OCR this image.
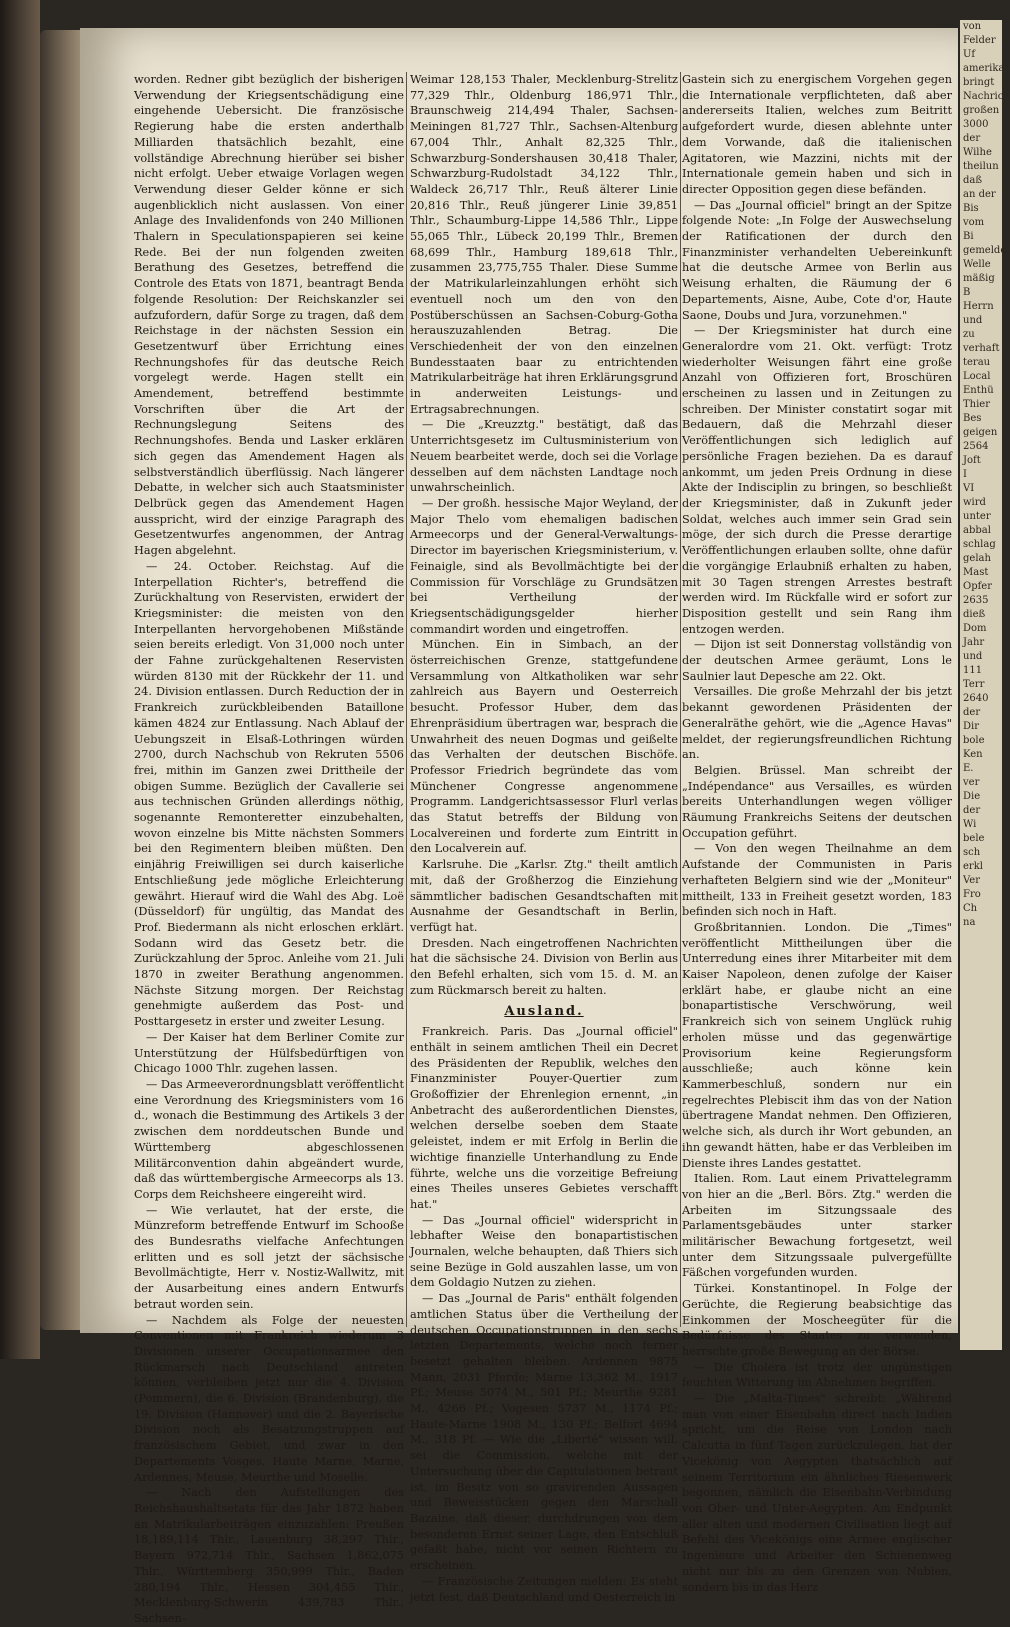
worden. Redner gibt bezüglich der bisherigen Verwendung der Kriegsentschädigung eine eingehende Uebersicht. Die französische Regierung habe die ersten anderthalb Milliarden thatsächlich bezahlt, eine vollständige Abrechnung hierüber sei bisher nicht erfolgt. Ueber etwaige Vorlagen wegen Verwendung dieser Gelder könne er sich augenblicklich nicht auslassen. Von einer Anlage des Invalidenfonds von 240 Millionen Thalern in Speculationspapieren sei keine Rede. Bei der nun folgenden zweiten Berathung des Gesetzes, betreffend die Controle des Etats von 1871, beantragt Benda folgende Resolution: Der Reichskanzler sei aufzufordern, dafür Sorge zu tragen, daß dem Reichstage in der nächsten Session ein Gesetzentwurf über Errichtung eines Rechnungshofes für das deutsche Reich vorgelegt werde. Hagen stellt ein Amendement, betreffend bestimmte Vorschriften über die Art der Rechnungslegung Seitens des Rechnungshofes. Benda und Lasker erklären sich gegen das Amendement Hagen als selbstverständlich überflüssig. Nach längerer Debatte, in welcher sich auch Staatsminister Delbrück gegen das Amendement Hagen ausspricht, wird der einzige Paragraph des Gesetzentwurfes angenommen, der Antrag Hagen abgelehnt.

— 24. October. Reichstag. Auf die Interpellation Richter's, betreffend die Zurückhaltung von Reservisten, erwidert der Kriegsminister: die meisten von den Interpellanten hervorgehobenen Mißstände seien bereits erledigt. Von 31,000 noch unter der Fahne zurückgehaltenen Reservisten würden 8130 mit der Rückkehr der 11. und 24. Division entlassen. Durch Reduction der in Frankreich zurückbleibenden Bataillone kämen 4824 zur Entlassung. Nach Ablauf der Uebungszeit in Elsaß-Lothringen würden 2700, durch Nachschub von Rekruten 5506 frei, mithin im Ganzen zwei Drittheile der obigen Summe. Bezüglich der Cavallerie sei aus technischen Gründen allerdings nöthig, sogenannte Remonteretter einzubehalten, wovon einzelne bis Mitte nächsten Sommers bei den Regimentern bleiben müßten. Den einjährig Freiwilligen sei durch kaiserliche Entschließung jede mögliche Erleichterung gewährt. Hierauf wird die Wahl des Abg. Loë (Düsseldorf) für ungültig, das Mandat des Prof. Biedermann als nicht erloschen erklärt. Sodann wird das Gesetz betr. die Zurückzahlung der 5proc. Anleihe vom 21. Juli 1870 in zweiter Berathung angenommen. Nächste Sitzung morgen. Der Reichstag genehmigte außerdem das Post- und Posttargesetz in erster und zweiter Lesung.

— Der Kaiser hat dem Berliner Comite zur Unterstützung der Hülfsbedürftigen von Chicago 1000 Thlr. zugehen lassen.

— Das Armeeverordnungsblatt veröffentlicht eine Verordnung des Kriegsministers vom 16 d., wonach die Bestimmung des Artikels 3 der zwischen dem norddeutschen Bunde und Württemberg abgeschlossenen Militärconvention dahin abgeändert wurde, daß das württembergische Armeecorps als 13. Corps dem Reichsheere eingereiht wird.

— Wie verlautet, hat der erste, die Münzreform betreffende Entwurf im Schooße des Bundesraths vielfache Anfechtungen erlitten und es soll jetzt der sächsische Bevollmächtigte, Herr v. Nostiz-Wallwitz, mit der Ausarbeitung eines andern Entwurfs betraut worden sein.

— Nachdem als Folge der neuesten Conventionen mit Frankreich wiederum 3 Divisionen unserer Occupationsarmee den Rückmarsch nach Deutschland antreten können, verbleiben jetzt nur die 4. Division (Pommern), die 6. Division (Brandenburg), die 19. Division (Hannover) und die 2. Bayerische Division noch als Besatzungstruppen auf französischem Gebiet, und zwar in den Departements Vosges, Haute Marne, Marne, Ardennes, Meuse, Meurthe und Moselle.

— Nach den Aufstellungen des Reichshaushaltsetats für das Jahr 1872 haben an Matrikularbeiträgen einzuzahlen: Preußen 18,189,114 Thlr., Lauenburg 38,297 Thlr., Bayern 972,714 Thlr., Sachsen 1,862,075 Thlr., Württemberg 350,999 Thlr., Baden 280,194 Thlr., Hessen 304,455 Thlr., Mecklenburg-Schwerin 439,783 Thlr., Sachsen-

Weimar 128,153 Thaler, Mecklenburg-Strelitz 77,329 Thlr., Oldenburg 186,971 Thlr., Braunschweig 214,494 Thaler, Sachsen-Meiningen 81,727 Thlr., Sachsen-Altenburg 67,004 Thlr., Anhalt 82,325 Thlr., Schwarzburg-Sondershausen 30,418 Thaler, Schwarzburg-Rudolstadt 34,122 Thlr., Waldeck 26,717 Thlr., Reuß älterer Linie 20,816 Thlr., Reuß jüngerer Linie 39,851 Thlr., Schaumburg-Lippe 14,586 Thlr., Lippe 55,065 Thlr., Lübeck 20,199 Thlr., Bremen 68,699 Thlr., Hamburg 189,618 Thlr., zusammen 23,775,755 Thaler. Diese Summe der Matrikularleinzahlungen erhöht sich eventuell noch um den von den Postüberschüssen an Sachsen-Coburg-Gotha herauszuzahlenden Betrag. Die Verschiedenheit der von den einzelnen Bundesstaaten baar zu entrichtenden Matrikularbeiträge hat ihren Erklärungsgrund in anderweiten Leistungs- und Ertragsabrechnungen.

— Die „Kreuzztg." bestätigt, daß das Unterrichtsgesetz im Cultusministerium von Neuem bearbeitet werde, doch sei die Vorlage desselben auf dem nächsten Landtage noch unwahrscheinlich.

— Der großh. hessische Major Weyland, der Major Thelo vom ehemaligen badischen Armeecorps und der General-Verwaltungs-Director im bayerischen Kriegsministerium, v. Feinaigle, sind als Bevollmächtigte bei der Commission für Vorschläge zu Grundsätzen bei Vertheilung der Kriegsentschädigungsgelder hierher commandirt worden und eingetroffen.

München. Ein in Simbach, an der österreichischen Grenze, stattgefundene Versammlung von Altkatholiken war sehr zahlreich aus Bayern und Oesterreich besucht. Professor Huber, dem das Ehrenpräsidium übertragen war, besprach die Unwahrheit des neuen Dogmas und geißelte das Verhalten der deutschen Bischöfe. Professor Friedrich begründete das vom Münchener Congresse angenommene Programm. Landgerichtsassessor Flurl verlas das Statut betreffs der Bildung von Localvereinen und forderte zum Eintritt in den Localverein auf.

Karlsruhe. Die „Karlsr. Ztg." theilt amtlich mit, daß der Großherzog die Einziehung sämmtlicher badischen Gesandtschaften mit Ausnahme der Gesandtschaft in Berlin, verfügt hat.

Dresden. Nach eingetroffenen Nachrichten hat die sächsische 24. Division von Berlin aus den Befehl erhalten, sich vom 15. d. M. an zum Rückmarsch bereit zu halten.

Ausland.

Frankreich. Paris. Das „Journal officiel" enthält in seinem amtlichen Theil ein Decret des Präsidenten der Republik, welches den Finanzminister Pouyer-Quertier zum Großoffizier der Ehrenlegion ernennt, „in Anbetracht des außerordentlichen Dienstes, welchen derselbe soeben dem Staate geleistet, indem er mit Erfolg in Berlin die wichtige finanzielle Unterhandlung zu Ende führte, welche uns die vorzeitige Befreiung eines Theiles unseres Gebietes verschafft hat."

— Das „Journal officiel" widerspricht in lebhafter Weise den bonapartistischen Journalen, welche behaupten, daß Thiers sich seine Bezüge in Gold auszahlen lasse, um von dem Goldagio Nutzen zu ziehen.

— Das „Journal de Paris" enthält folgenden amtlichen Status über die Vertheilung der deutschen Occupationstruppen in den sechs letzten Departements, welche noch ferner besetzt gehalten bleiben. Ardennen 9875 Mann, 2031 Pferde; Marne 13,362 M., 1917 Pf.; Meuse 5074 M., 501 Pf.; Meurthe 9281 M., 4266 Pf.; Vogesen 5737 M., 1174 Pf.; Haute-Marne 1908 M., 130 Pf.; Belfort 4694 M., 318 Pf. — Wie die „Liberté" wissen will, sei die Commission, welche mit der Untersuchung über die Capitulationen betraut ist, im Besitz von so gravirenden Aussagen und Beweisstücken gegen den Marschall Bazaine, daß dieser, durchdrungen von dem besonderen Ernst seiner Lage, den Entschluß gefaßt habe, nicht vor seinen Richtern zu erscheinen.

— Französische Zeitungen melden: Es steht jetzt fest, daß Deutschland und Oesterreich in

Gastein sich zu energischem Vorgehen gegen die Internationale verpflichteten, daß aber andererseits Italien, welches zum Beitritt aufgefordert wurde, diesen ablehnte unter dem Vorwande, daß die italienischen Agitatoren, wie Mazzini, nichts mit der Internationale gemein haben und sich in directer Opposition gegen diese befänden.

— Das „Journal officiel" bringt an der Spitze folgende Note: „In Folge der Auswechselung der Ratificationen der durch den Finanzminister verhandelten Uebereinkunft hat die deutsche Armee von Berlin aus Weisung erhalten, die Räumung der 6 Departements, Aisne, Aube, Cote d'or, Haute Saone, Doubs und Jura, vorzunehmen."

— Der Kriegsminister hat durch eine Generalordre vom 21. Okt. verfügt: Trotz wiederholter Weisungen fährt eine große Anzahl von Offizieren fort, Broschüren erscheinen zu lassen und in Zeitungen zu schreiben. Der Minister constatirt sogar mit Bedauern, daß die Mehrzahl dieser Veröffentlichungen sich lediglich auf persönliche Fragen beziehen. Da es darauf ankommt, um jeden Preis Ordnung in diese Akte der Indisciplin zu bringen, so beschließt der Kriegsminister, daß in Zukunft jeder Soldat, welches auch immer sein Grad sein möge, der sich durch die Presse derartige Veröffentlichungen erlauben sollte, ohne dafür die vorgängige Erlaubniß erhalten zu haben, mit 30 Tagen strengen Arrestes bestraft werden wird. Im Rückfalle wird er sofort zur Disposition gestellt und sein Rang ihm entzogen werden.

— Dijon ist seit Donnerstag vollständig von der deutschen Armee geräumt, Lons le Saulnier laut Depesche am 22. Okt.

Versailles. Die große Mehrzahl der bis jetzt bekannt gewordenen Präsidenten der Generalräthe gehört, wie die „Agence Havas" meldet, der regierungsfreundlichen Richtung an.

Belgien. Brüssel. Man schreibt der „Indépendance" aus Versailles, es würden bereits Unterhandlungen wegen völliger Räumung Frankreichs Seitens der deutschen Occupation geführt.

— Von den wegen Theilnahme an dem Aufstande der Communisten in Paris verhafteten Belgiern sind wie der „Moniteur" mittheilt, 133 in Freiheit gesetzt worden, 183 befinden sich noch in Haft.

Großbritannien. London. Die „Times" veröffentlicht Mittheilungen über die Unterredung eines ihrer Mitarbeiter mit dem Kaiser Napoleon, denen zufolge der Kaiser erklärt habe, er glaube nicht an eine bonapartistische Verschwörung, weil Frankreich sich von seinem Unglück ruhig erholen müsse und das gegenwärtige Provisorium keine Regierungsform ausschließe; auch könne kein Kammerbeschluß, sondern nur ein regelrechtes Plebiscit ihm das von der Nation übertragene Mandat nehmen. Den Offizieren, welche sich, als durch ihr Wort gebunden, an ihn gewandt hätten, habe er das Verbleiben im Dienste ihres Landes gestattet.

Italien. Rom. Laut einem Privattelegramm von hier an die „Berl. Börs. Ztg." werden die Arbeiten im Sitzungssaale des Parlamentsgebäudes unter starker militärischer Bewachung fortgesetzt, weil unter dem Sitzungssaale pulvergefüllte Fäßchen vorgefunden wurden.

Türkei. Konstantinopel. In Folge der Gerüchte, die Regierung beabsichtige das Einkommen der Moscheegüter für die Bedürfnisse des Staates zu verwenden, herrschte große Bewegung an der Börse.

— Die Cholera ist trotz der ungünstigen feuchten Witterung im Abnehmen begriffen.

— Die „Malta-Times" schreibt: „Während man von einer Eisenbahn direct nach Indien spricht, um die Reise von London nach Calcutta in fünf Tagen zurückzulegen, hat der Vicekönig von Aegypten thatsächlich auf seinem Territorium ein ähnliches Riesenwerk begonnen, nämlich die Eisenbahn-Verbindung von Ober- und Unter-Aegypten. Am Endpunkt aller alten und modernen Civilisation liegt auf Befehl des Vicekönigs eine Armee englischer Ingenieure und Arbeiter den Schienenweg nicht nur bis zu den Grenzen von Nubien, sondern bis in das Herz

von

Felder

Uf

amerika

bringt

Nachrich

großen

3000

der

Wilhe

theilun

daß

an der

Bis

vom

Bi

gemelde

Welle

mäßig

B

Herrn

und

zu

verhaft

terau

Local

Enthü

Thier

Bes

geigen

2564

Joft

I

VI

wird

unter

abbal

schlag

gelah

Mast

Opfer

2635

dieß

Dom

Jahr

und

111

Terr

2640

der

Dir

bole

Ken

E.

ver

Die

der

Wi

bele

sch

erkl

Ver

Fro

Ch

na
